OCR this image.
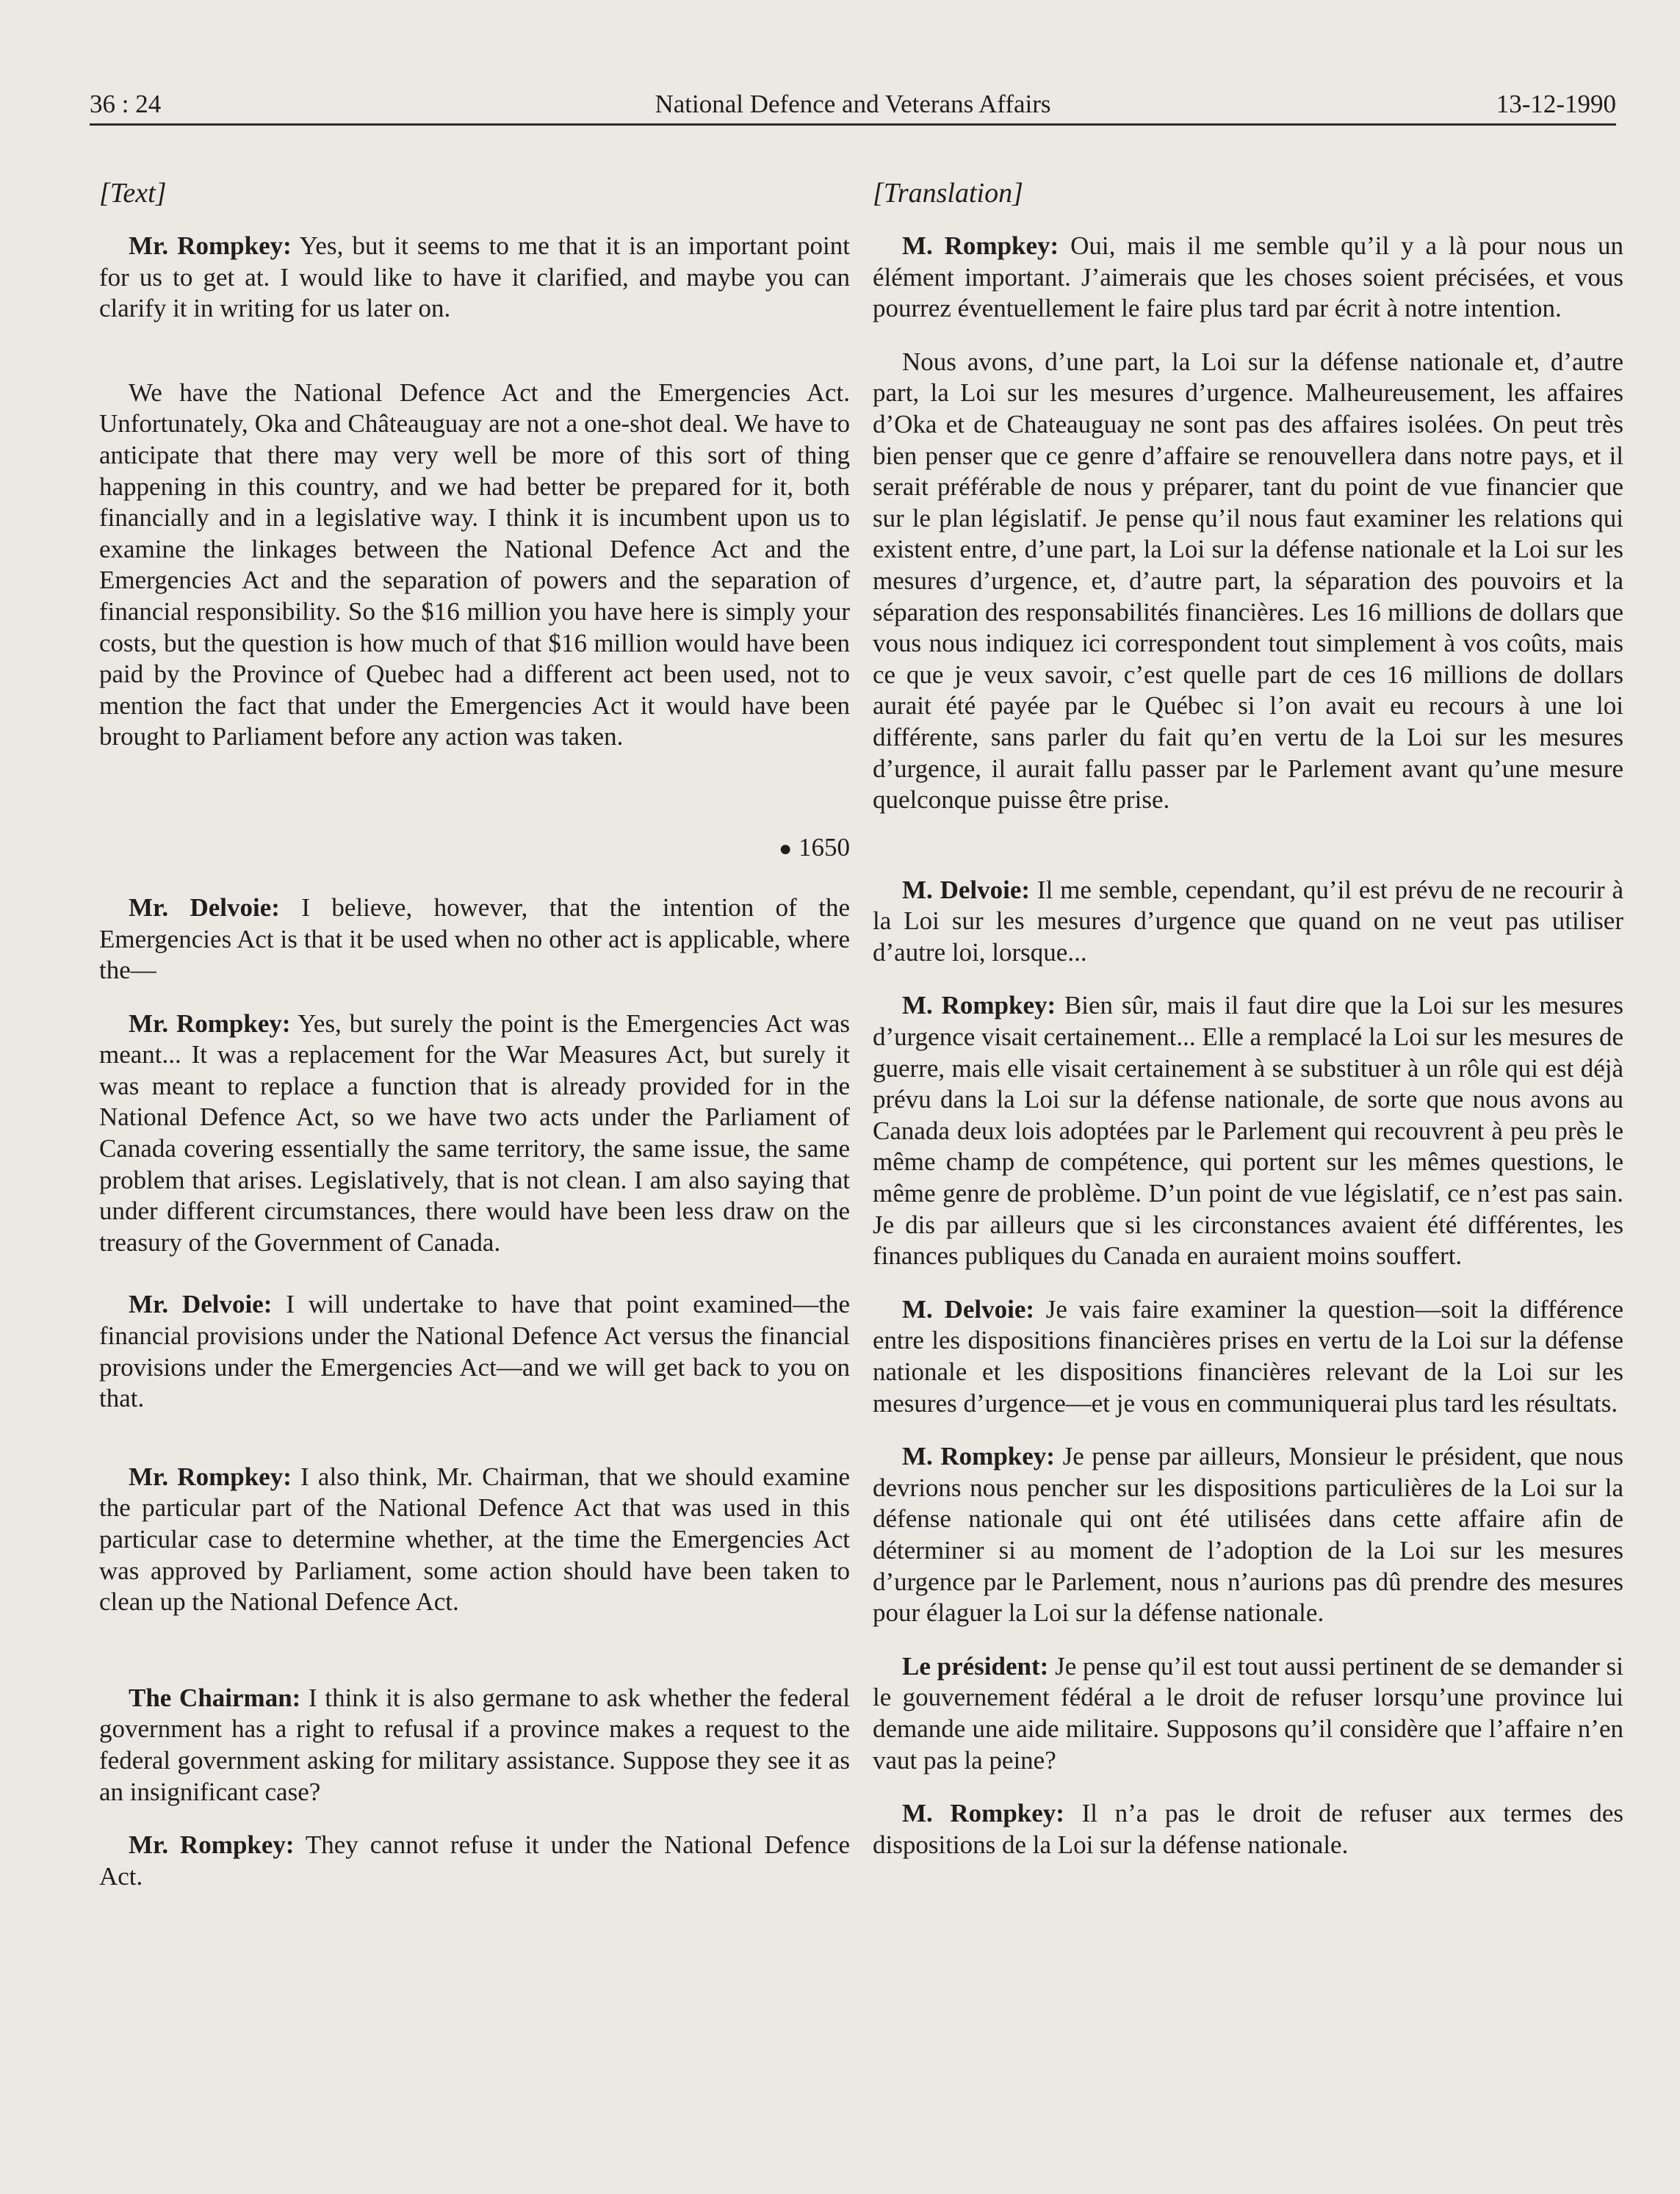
36 : 24	National Defence and Veterans Affairs	13-12-1990
[Text]

Mr. Rompkey: Yes, but it seems to me that it is an important point for us to get at. I would like to have it clarified, and maybe you can clarify it in writing for us later on.

We have the National Defence Act and the Emergencies Act. Unfortunately, Oka and Châteauguay are not a one-shot deal. We have to anticipate that there may very well be more of this sort of thing happening in this country, and we had better be prepared for it, both financially and in a legislative way. I think it is incumbent upon us to examine the linkages between the National Defence Act and the Emergencies Act and the separation of powers and the separation of financial responsibility. So the $16 million you have here is simply your costs, but the question is how much of that $16 million would have been paid by the Province of Quebec had a different act been used, not to mention the fact that under the Emergencies Act it would have been brought to Parliament before any action was taken.

● 1650

Mr. Delvoie: I believe, however, that the intention of the Emergencies Act is that it be used when no other act is applicable, where the—

Mr. Rompkey: Yes, but surely the point is the Emergencies Act was meant... It was a replacement for the War Measures Act, but surely it was meant to replace a function that is already provided for in the National Defence Act, so we have two acts under the Parliament of Canada covering essentially the same territory, the same issue, the same problem that arises. Legislatively, that is not clean. I am also saying that under different circumstances, there would have been less draw on the treasury of the Government of Canada.

Mr. Delvoie: I will undertake to have that point examined—the financial provisions under the National Defence Act versus the financial provisions under the Emergencies Act—and we will get back to you on that.

Mr. Rompkey: I also think, Mr. Chairman, that we should examine the particular part of the National Defence Act that was used in this particular case to determine whether, at the time the Emergencies Act was approved by Parliament, some action should have been taken to clean up the National Defence Act.

The Chairman: I think it is also germane to ask whether the federal government has a right to refusal if a province makes a request to the federal government asking for military assistance. Suppose they see it as an insignificant case?

Mr. Rompkey: They cannot refuse it under the National Defence Act.

[Translation]

M. Rompkey: Oui, mais il me semble qu’il y a là pour nous un élément important. J’aimerais que les choses soient précisées, et vous pourrez éventuellement le faire plus tard par écrit à notre intention.

Nous avons, d’une part, la Loi sur la défense nationale et, d’autre part, la Loi sur les mesures d’urgence. Malheureusement, les affaires d’Oka et de Chateauguay ne sont pas des affaires isolées. On peut très bien penser que ce genre d’affaire se renouvellera dans notre pays, et il serait préférable de nous y préparer, tant du point de vue financier que sur le plan législatif. Je pense qu’il nous faut examiner les relations qui existent entre, d’une part, la Loi sur la défense nationale et la Loi sur les mesures d’urgence, et, d’autre part, la séparation des pouvoirs et la séparation des responsabilités financières. Les 16 millions de dollars que vous nous indiquez ici correspondent tout simplement à vos coûts, mais ce que je veux savoir, c’est quelle part de ces 16 millions de dollars aurait été payée par le Québec si l’on avait eu recours à une loi différente, sans parler du fait qu’en vertu de la Loi sur les mesures d’urgence, il aurait fallu passer par le Parlement avant qu’une mesure quelconque puisse être prise.

M. Delvoie: Il me semble, cependant, qu’il est prévu de ne recourir à la Loi sur les mesures d’urgence que quand on ne veut pas utiliser d’autre loi, lorsque...

M. Rompkey: Bien sûr, mais il faut dire que la Loi sur les mesures d’urgence visait certainement... Elle a remplacé la Loi sur les mesures de guerre, mais elle visait certainement à se substituer à un rôle qui est déjà prévu dans la Loi sur la défense nationale, de sorte que nous avons au Canada deux lois adoptées par le Parlement qui recouvrent à peu près le même champ de compétence, qui portent sur les mêmes questions, le même genre de problème. D’un point de vue législatif, ce n’est pas sain. Je dis par ailleurs que si les circonstances avaient été différentes, les finances publiques du Canada en auraient moins souffert.

M. Delvoie: Je vais faire examiner la question—soit la différence entre les dispositions financières prises en vertu de la Loi sur la défense nationale et les dispositions financières relevant de la Loi sur les mesures d’urgence—et je vous en communiquerai plus tard les résultats.

M. Rompkey: Je pense par ailleurs, Monsieur le président, que nous devrions nous pencher sur les dispositions particulières de la Loi sur la défense nationale qui ont été utilisées dans cette affaire afin de déterminer si au moment de l’adoption de la Loi sur les mesures d’urgence par le Parlement, nous n’aurions pas dû prendre des mesures pour élaguer la Loi sur la défense nationale.

Le président: Je pense qu’il est tout aussi pertinent de se demander si le gouvernement fédéral a le droit de refuser lorsqu’une province lui demande une aide militaire. Supposons qu’il considère que l’affaire n’en vaut pas la peine?

M. Rompkey: Il n’a pas le droit de refuser aux termes des dispositions de la Loi sur la défense nationale.
